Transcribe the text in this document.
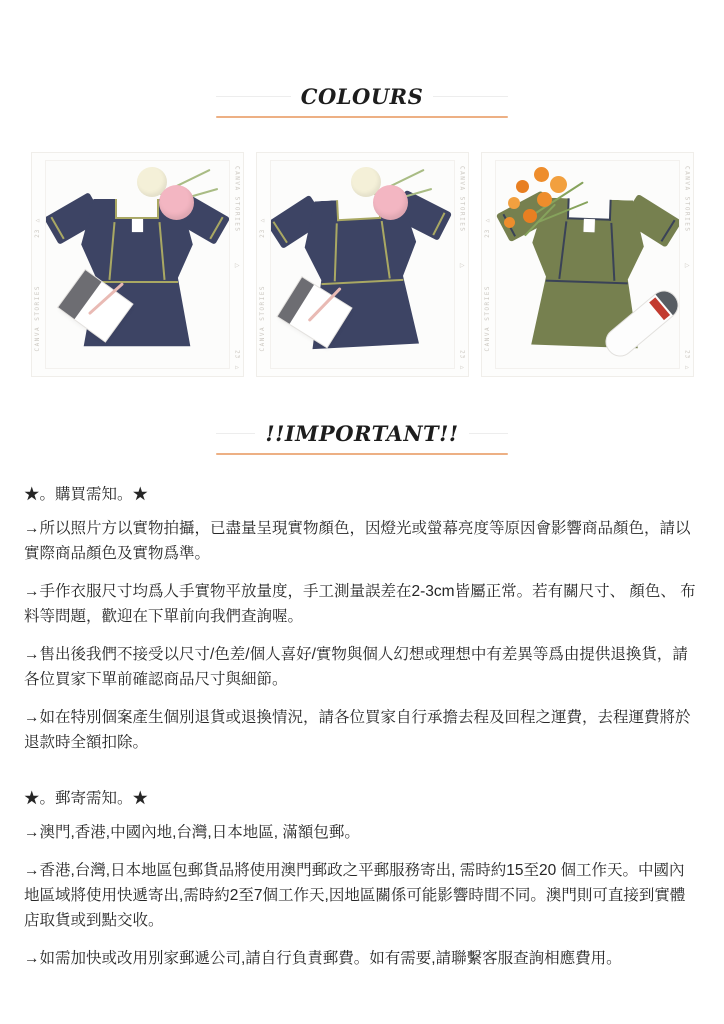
COLOURS
CANVA STORIES
CANVA STORIES
23 ▷
23 ▷
▷
CANVA STORIES
CANVA STORIES
23 ▷
23 ▷
▷
CANVA STORIES
CANVA STORIES
23 ▷
23 ▷
▷
!!IMPORTANT!!
★。購買需知。★
→所以照片方以實物拍攝，已盡量呈現實物顏色，因燈光或螢幕亮度等原因會影響商品顏色，請以實際商品顏色及實物爲準。
→手作衣服尺寸均爲人手實物平放量度，手工測量誤差在2-3cm皆屬正常。若有關尺寸、 顏色、 布料等問題，歡迎在下單前向我們查詢喔。
→售出後我們不接受以尺寸/色差/個人喜好/實物與個人幻想或理想中有差異等爲由提供退換貨，請各位買家下單前確認商品尺寸與細節。
→如在特別個案產生個別退貨或退換情況，請各位買家自行承擔去程及回程之運費，去程運費將於退款時全額扣除。
★。郵寄需知。★
→澳門,香港,中國內地,台灣,日本地區, 滿額包郵。
→香港,台灣,日本地區包郵貨品將使用澳門郵政之平郵服務寄出, 需時約15至20 個工作天。中國內地區域將使用快遞寄出,需時約2至7個工作天,因地區關係可能影響時間不同。澳門則可直接到實體店取貨或到點交收。
→如需加快或改用別家郵遞公司,請自行負責郵費。如有需要,請聯繫客服查詢相應費用。
